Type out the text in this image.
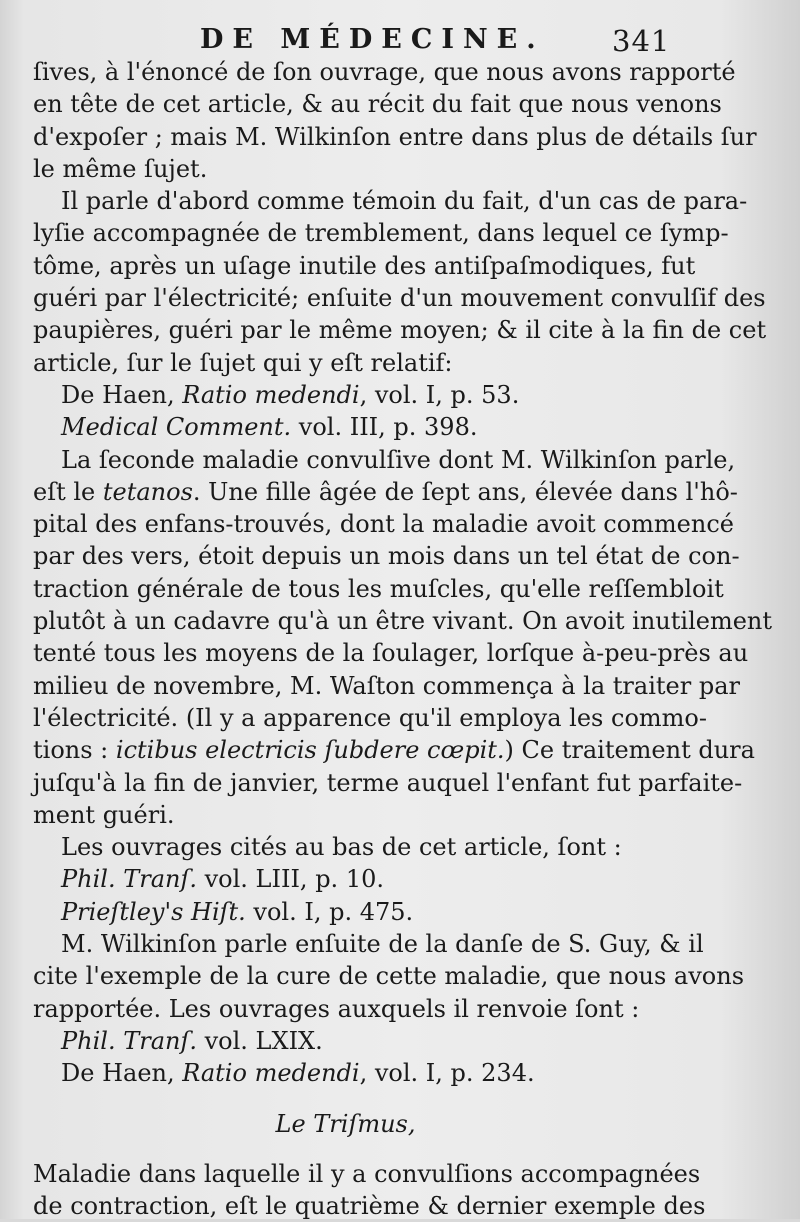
DE MÉDECINE. 341
ſives, à l'énoncé de ſon ouvrage, que nous avons rapporté
en tête de cet article, & au récit du fait que nous venons
d'expoſer ; mais M. Wilkinſon entre dans plus de détails ſur
le même ſujet.
Il parle d'abord comme témoin du fait, d'un cas de para-
lyſie accompagnée de tremblement, dans lequel ce ſymp-
tôme, après un uſage inutile des antiſpaſmodiques, fut
guéri par l'électricité; enſuite d'un mouvement convulſif des
paupières, guéri par le même moyen; & il cite à la fin de cet
article, ſur le ſujet qui y eſt relatif:
De Haen, Ratio medendi, vol. I, p. 53.
Medical Comment. vol. III, p. 398.
La ſeconde maladie convulſive dont M. Wilkinſon parle,
eſt le tetanos. Une fille âgée de ſept ans, élevée dans l'hô-
pital des enfans-trouvés, dont la maladie avoit commencé
par des vers, étoit depuis un mois dans un tel état de con-
traction générale de tous les muſcles, qu'elle reſſembloit
plutôt à un cadavre qu'à un être vivant. On avoit inutilement
tenté tous les moyens de la ſoulager, lorſque à-peu-près au
milieu de novembre, M. Waſton commença à la traiter par
l'électricité. (Il y a apparence qu'il employa les commo-
tions : ictibus electricis ſubdere cœpit.) Ce traitement dura
juſqu'à la fin de janvier, terme auquel l'enfant fut parfaite-
ment guéri.
Les ouvrages cités au bas de cet article, ſont :
Phil. Tranſ. vol. LIII, p. 10.
Prieſtley's Hiſt. vol. I, p. 475.
M. Wilkinſon parle enſuite de la danſe de S. Guy, & il
cite l'exemple de la cure de cette maladie, que nous avons
rapportée. Les ouvrages auxquels il renvoie ſont :
Phil. Tranſ. vol. LXIX.
De Haen, Ratio medendi, vol. I, p. 234.
Le Triſmus,
Maladie dans laquelle il y a convulſions accompagnées
de contraction, eſt le quatrième & dernier exemple des
